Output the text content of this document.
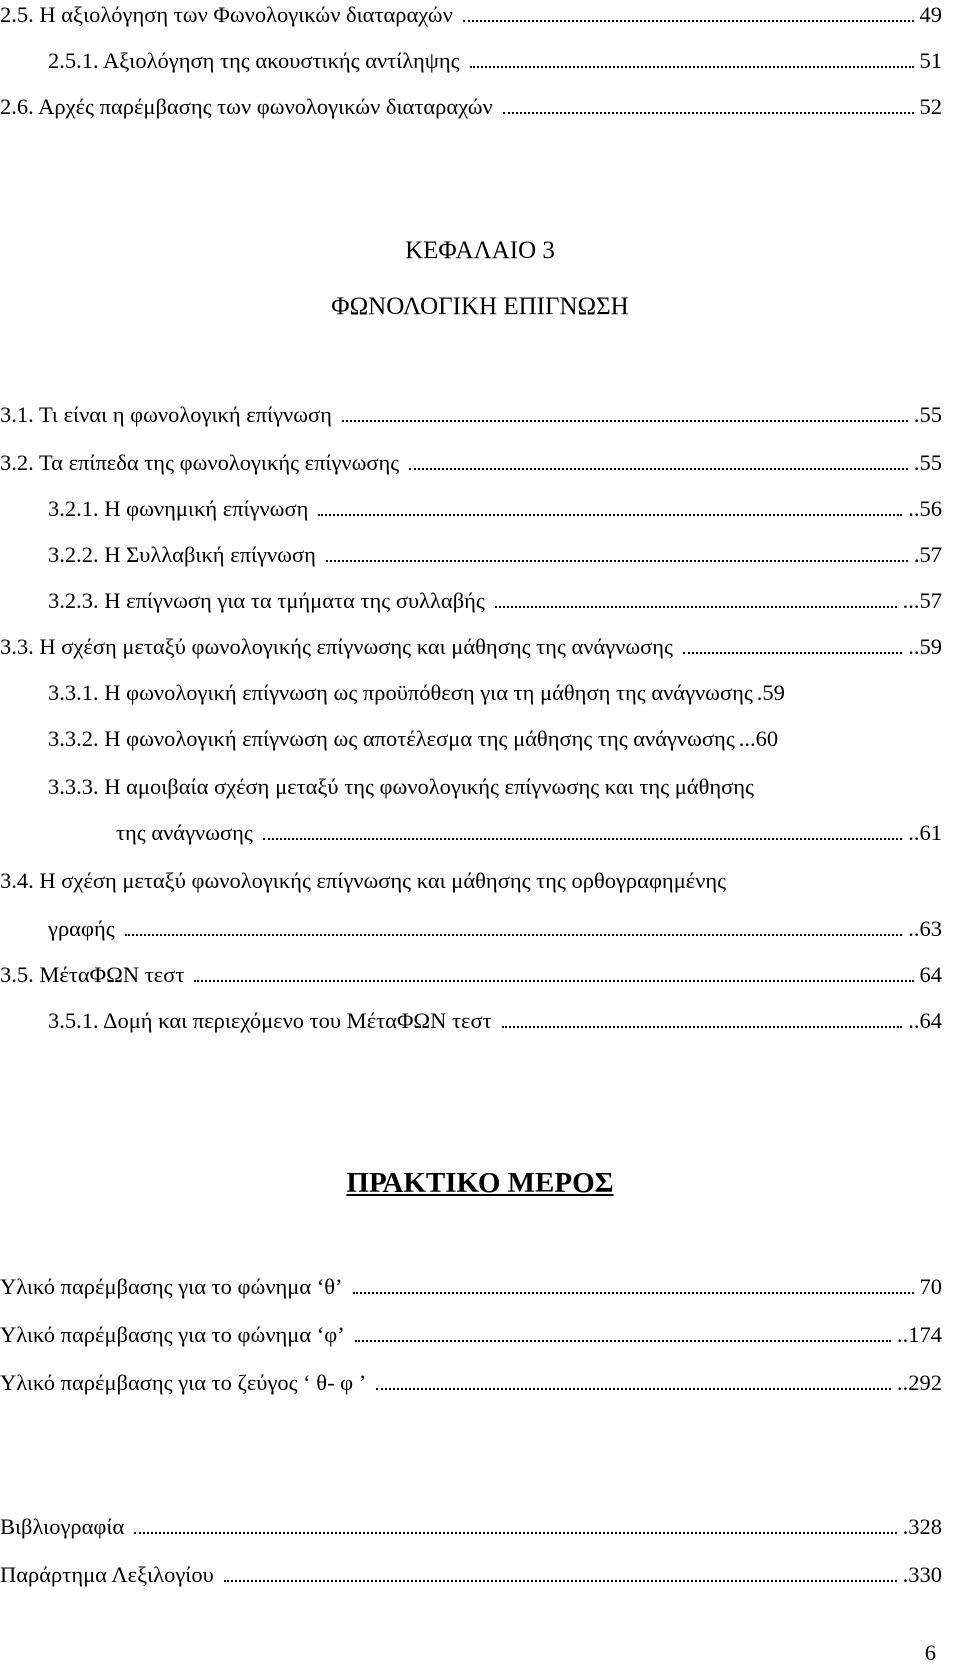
2.5. Η αξιολόγηση των Φωνολογικών διαταραχών	49
2.5.1. Αξιολόγηση της ακουστικής αντίληψης	51
2.6. Αρχές παρέμβασης των φωνολογικών διαταραχών	52
ΚΕΦΑΛΑΙΟ 3
ΦΩΝΟΛΟΓΙΚΗ ΕΠΙΓΝΩΣΗ
3.1. Τι είναι η φωνολογική επίγνωση	.55
3.2. Τα επίπεδα της φωνολογικής επίγνωσης	.55
3.2.1. Η φωνημική επίγνωση	..56
3.2.2. Η Συλλαβική επίγνωση	.57
3.2.3. Η επίγνωση για τα τμήματα της συλλαβής	...57
3.3. Η σχέση μεταξύ φωνολογικής επίγνωσης και μάθησης της ανάγνωσης	..59
3.3.1. Η φωνολογική επίγνωση ως προϋπόθεση για τη μάθηση της ανάγνωσης .59
3.3.2. Η φωνολογική επίγνωση ως αποτέλεσμα της μάθησης της ανάγνωσης ...60
3.3.3. Η αμοιβαία σχέση μεταξύ της φωνολογικής επίγνωσης και της μάθησης
της ανάγνωσης	..61
3.4. Η σχέση μεταξύ φωνολογικής επίγνωσης και μάθησης της ορθογραφημένης
γραφής	..63
3.5. ΜέταΦΩΝ τεστ	64
3.5.1. Δομή και περιεχόμενο του ΜέταΦΩΝ τεστ	..64
ΠΡΑΚΤΙΚΟ ΜΕΡΟΣ
Υλικό παρέμβασης για το φώνημα ‘θ’	70
Υλικό παρέμβασης για το φώνημα ‘φ’	..174
Υλικό παρέμβασης για το ζεύγος ‘ θ- φ ’	..292
Βιβλιογραφία	.328
Παράρτημα Λεξιλογίου	.330
6
